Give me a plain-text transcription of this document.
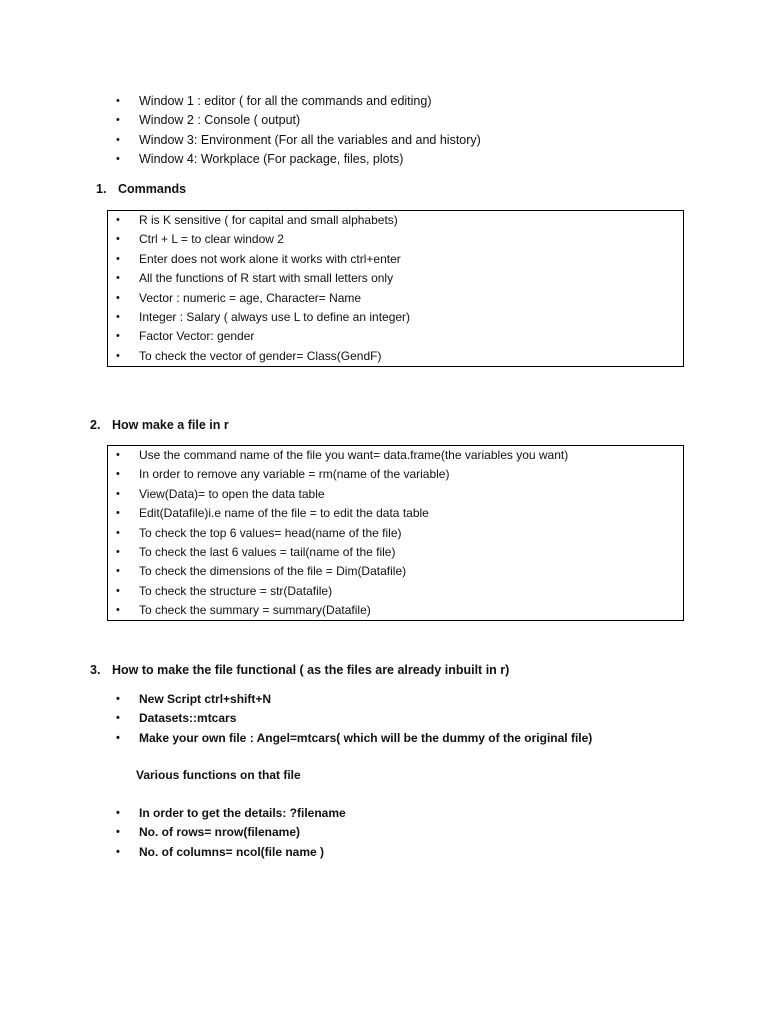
• Window 1 : editor ( for all the commands and editing)
• Window 2 : Console ( output)
• Window 3: Environment (For all the variables and and history)
• Window 4: Workplace (For package, files, plots)
1. Commands
• R is K sensitive ( for capital and small alphabets)
• Ctrl + L = to clear window 2
• Enter does not work alone it works with ctrl+enter
• All the functions of R start with small letters only
• Vector : numeric = age, Character= Name
• Integer : Salary ( always use L to define an integer)
• Factor Vector: gender
• To check the vector of gender= Class(GendF)
2. How make a file in r
• Use the command name of the file you want= data.frame(the variables you want)
• In order to remove any variable = rm(name of the variable)
• View(Data)= to open the data table
• Edit(Datafile)i.e name of the file = to edit the data table
• To check the top 6 values= head(name of the file)
• To check the last 6 values = tail(name of the file)
• To check the dimensions of the file = Dim(Datafile)
• To check the structure = str(Datafile)
• To check the summary = summary(Datafile)
3. How to make the file functional ( as the files are already inbuilt in r)
• New Script ctrl+shift+N
• Datasets::mtcars
• Make your own file : Angel=mtcars( which will be the dummy of the original file)
Various functions on that file
• In order to get the details: ?filename
• No. of rows= nrow(filename)
• No. of columns= ncol(file name )
